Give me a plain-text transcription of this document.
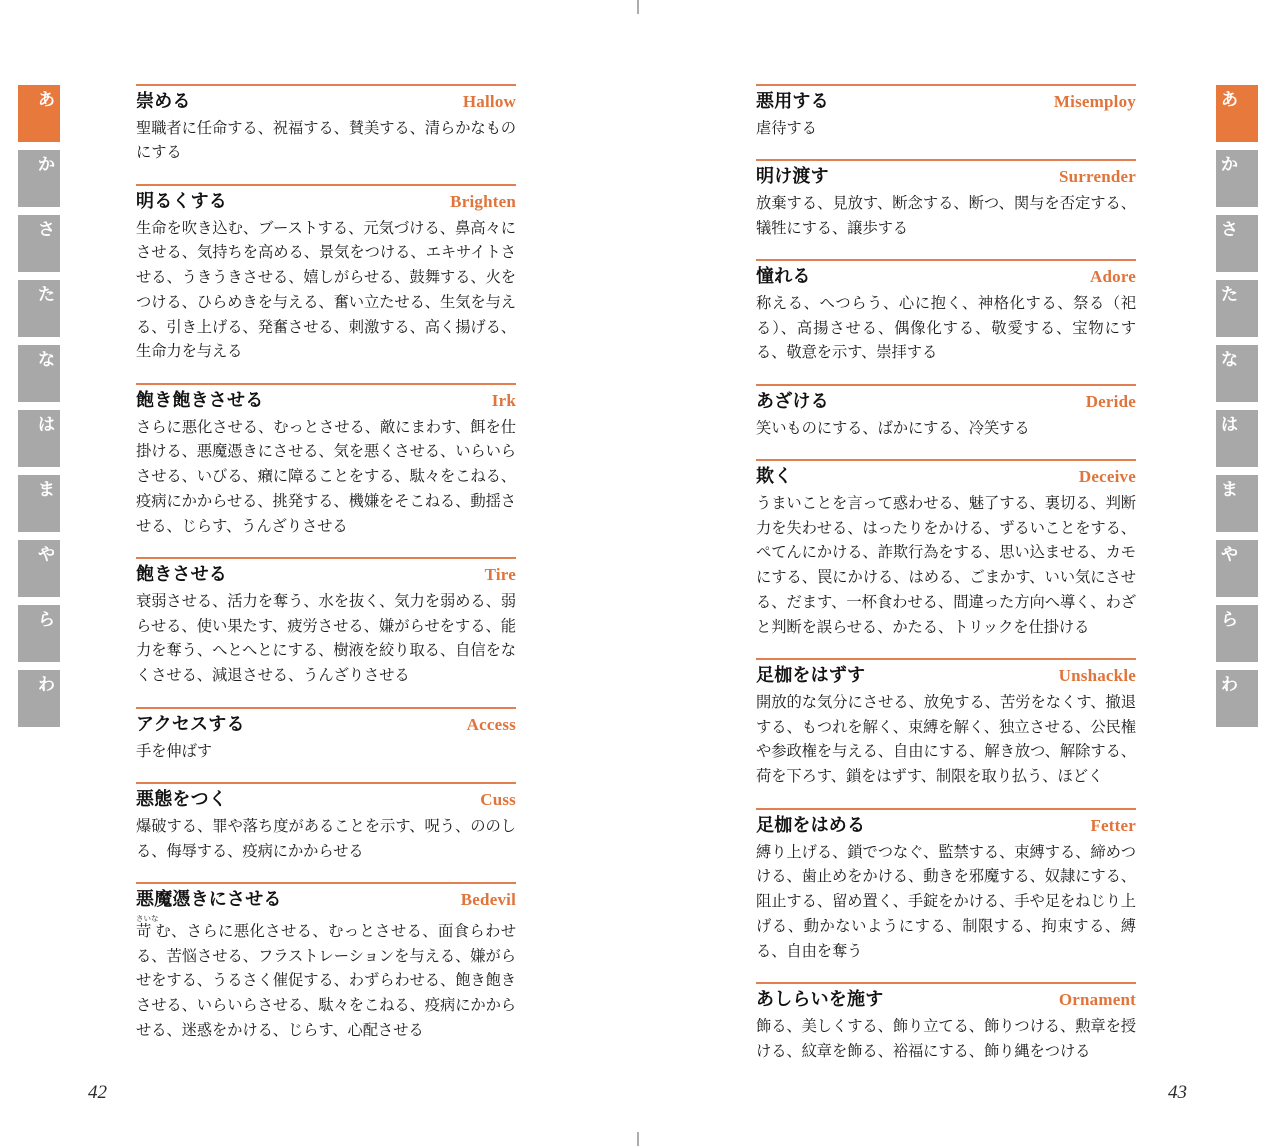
あ
か
さ
た
な
は
ま
や
ら
わ
あ
か
さ
た
な
は
ま
や
ら
わ
崇める	Hallow
聖職者に任命する、祝福する、賛美する、清らかなものにする
明るくする	Brighten
生命を吹き込む、ブーストする、元気づける、鼻高々にさせる、気持ちを高める、景気をつける、エキサイトさせる、うきうきさせる、嬉しがらせる、鼓舞する、火をつける、ひらめきを与える、奮い立たせる、生気を与える、引き上げる、発奮させる、刺激する、高く揚げる、生命力を与える
飽き飽きさせる	Irk
さらに悪化させる、むっとさせる、敵にまわす、餌を仕掛ける、悪魔憑きにさせる、気を悪くさせる、いらいらさせる、いびる、癪に障ることをする、駄々をこねる、疫病にかからせる、挑発する、機嫌をそこねる、動揺させる、じらす、うんざりさせる
飽きさせる	Tire
衰弱させる、活力を奪う、水を抜く、気力を弱める、弱らせる、使い果たす、疲労させる、嫌がらせをする、能力を奪う、へとへとにする、樹液を絞り取る、自信をなくさせる、減退させる、うんざりさせる
アクセスする	Access
手を伸ばす
悪態をつく	Cuss
爆破する、罪や落ち度があることを示す、呪う、ののしる、侮辱する、疫病にかからせる
悪魔憑きにさせる	Bedevil
苛さいなむ、さらに悪化させる、むっとさせる、面食らわせる、苦悩させる、フラストレーションを与える、嫌がらせをする、うるさく催促する、わずらわせる、飽き飽きさせる、いらいらさせる、駄々をこねる、疫病にかからせる、迷惑をかける、じらす、心配させる
悪用する	Misemploy
虐待する
明け渡す	Surrender
放棄する、見放す、断念する、断つ、関与を否定する、犠牲にする、譲歩する
憧れる	Adore
称える、へつらう、心に抱く、神格化する、祭る（祀る）、高揚させる、偶像化する、敬愛する、宝物にする、敬意を示す、崇拝する
あざける	Deride
笑いものにする、ばかにする、冷笑する
欺く	Deceive
うまいことを言って惑わせる、魅了する、裏切る、判断力を失わせる、はったりをかける、ずるいことをする、ぺてんにかける、詐欺行為をする、思い込ませる、カモにする、罠にかける、はめる、ごまかす、いい気にさせる、だます、一杯食わせる、間違った方向へ導く、わざと判断を誤らせる、かたる、トリックを仕掛ける
足枷をはずす	Unshackle
開放的な気分にさせる、放免する、苦労をなくす、撤退する、もつれを解く、束縛を解く、独立させる、公民権や参政権を与える、自由にする、解き放つ、解除する、荷を下ろす、鎖をはずす、制限を取り払う、ほどく
足枷をはめる	Fetter
縛り上げる、鎖でつなぐ、監禁する、束縛する、締めつける、歯止めをかける、動きを邪魔する、奴隷にする、阻止する、留め置く、手錠をかける、手や足をねじり上げる、動かないようにする、制限する、拘束する、縛る、自由を奪う
あしらいを施す	Ornament
飾る、美しくする、飾り立てる、飾りつける、勲章を授ける、紋章を飾る、裕福にする、飾り縄をつける
42	43
